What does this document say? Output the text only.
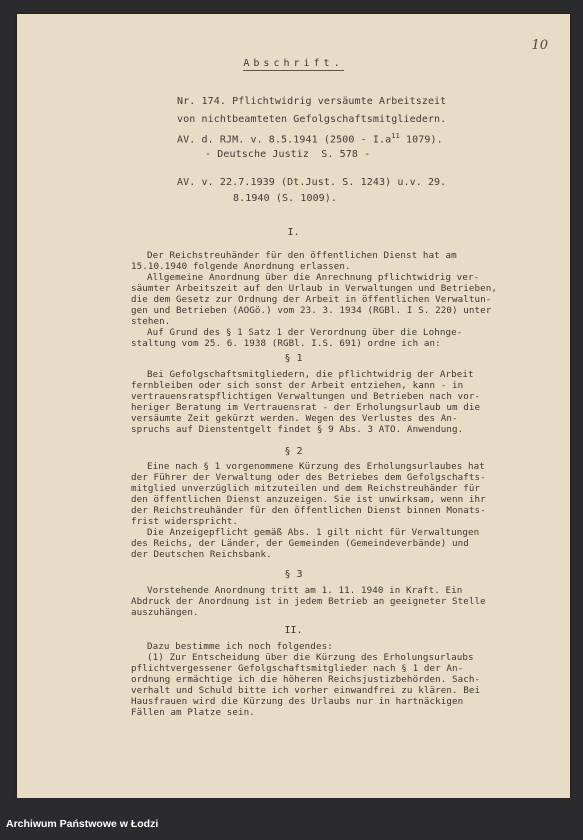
10
Abschrift.
Nr. 174. Pflichtwidrig versäumte Arbeitszeit
von nichtbeamteten Gefolgschaftsmitgliedern.
AV. d. RJM. v. 8.5.1941 ($2500 - I.a^{11}$ 1079).
- Deutsche Justiz  S. 578 -
AV. v. 22.7.1939 (Dt.Just. S. 1243) u.v. 29.
8.1940 (S. 1009).
I.
Der Reichstreuhänder für den öffentlichen Dienst hat am
15.10.1940 folgende Anordnung erlassen.
Allgemeine Anordnung über die Anrechnung pflichtwidrig ver-
säumter Arbeitszeit auf den Urlaub in Verwaltungen und Betrieben,
die dem Gesetz zur Ordnung der Arbeit in öffentlichen Verwaltun-
gen und Betrieben (AOGö.) vom 23. 3. 1934 (RGBl. I S. 220) unter
stehen.
Auf Grund des § 1 Satz 1 der Verordnung über die Lohnge-
staltung vom 25. 6. 1938 (RGBl. I.S. 691) ordne ich an:
§ 1
Bei Gefolgschaftsmitgliedern, die pflichtwidrig der Arbeit
fernbleiben oder sich sonst der Arbeit entziehen, kann - in
vertrauensratspflichtigen Verwaltungen und Betrieben nach vor-
heriger Beratung im Vertrauensrat - der Erholungsurlaub um die
versäumte Zeit gekürzt werden. Wegen des Verlustes des An-
spruchs auf Dienstentgelt findet § 9 Abs. 3 ATO. Anwendung.
§ 2
Eine nach § 1 vorgenommene Kürzung des Erholungsurlaubes hat
der Führer der Verwaltung oder des Betriebes dem Gefolgschafts-
mitglied unverzüglich mitzuteilen und dem Reichstreuhänder für
den öffentlichen Dienst anzuzeigen. Sie ist unwirksam, wenn ihr
der Reichstreuhänder für den öffentlichen Dienst binnen Monats-
frist widerspricht.
Die Anzeigepflicht gemäß Abs. 1 gilt nicht für Verwaltungen
des Reichs, der Länder, der Gemeinden (Gemeindeverbände) und
der Deutschen Reichsbank.
§ 3
Vorstehende Anordnung tritt am 1. 11. 1940 in Kraft. Ein
Abdruck der Anordnung ist in jedem Betrieb an geeigneter Stelle
auszuhängen.
II.
Dazu bestimme ich noch folgendes:
(1) Zur Entscheidung über die Kürzung des Erholungsurlaubs
pflichtvergessener Gefolgschaftsmitglieder nach § 1 der An-
ordnung ermächtige ich die höheren Reichsjustizbehörden. Sach-
verhalt und Schuld bitte ich vorher einwandfrei zu klären. Bei
Hausfrauen wird die Kürzung des Urlaubs nur in hartnäckigen
Fällen am Platze sein.
Archiwum Państwowe w Łodzi
